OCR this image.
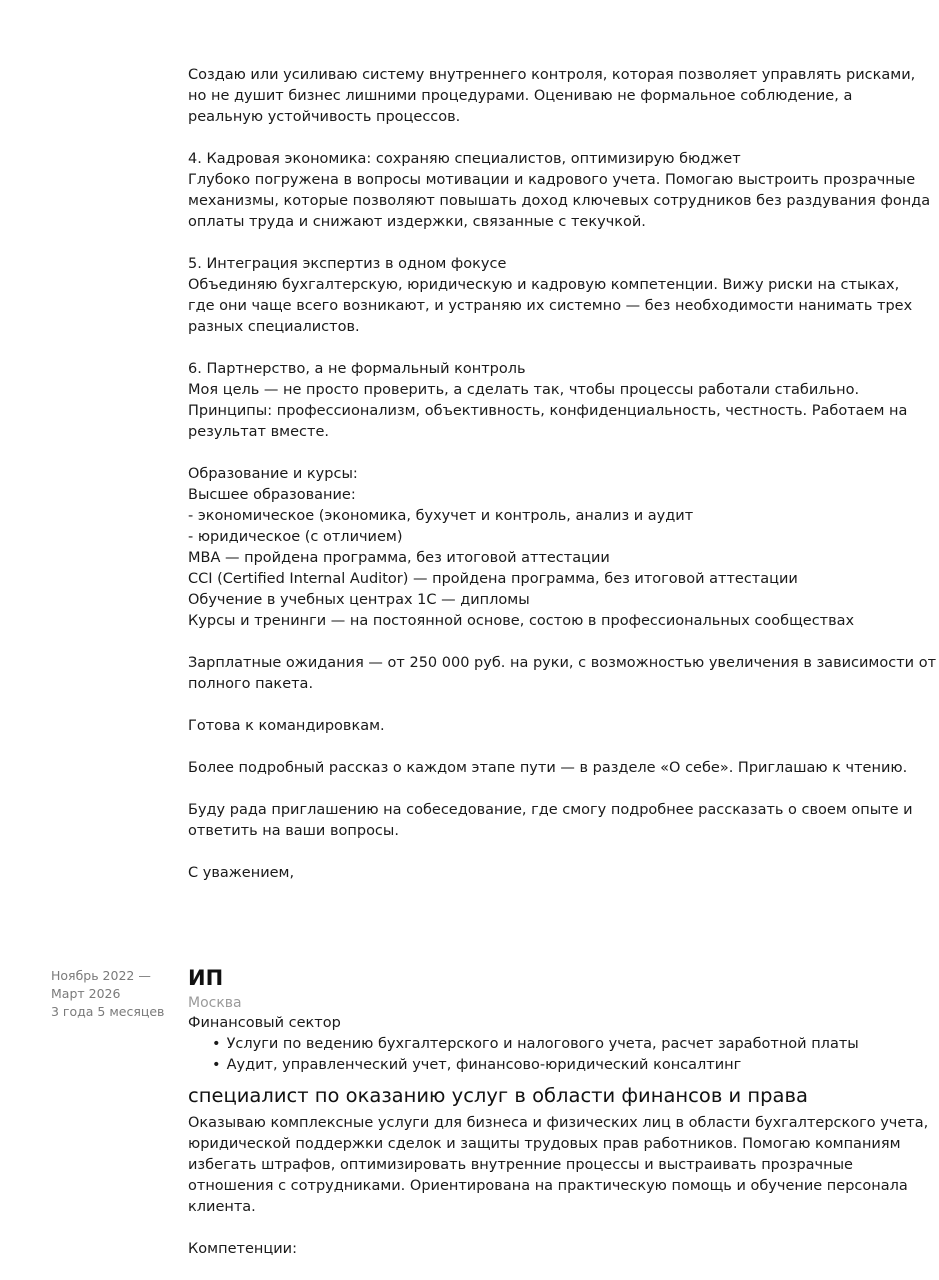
Создаю или усиливаю систему внутреннего контроля, которая позволяет управлять рисками,
но не душит бизнес лишними процедурами. Оцениваю не формальное соблюдение, а
реальную устойчивость процессов.
4. Кадровая экономика: сохраняю специалистов, оптимизирую бюджет
Глубоко погружена в вопросы мотивации и кадрового учета. Помогаю выстроить прозрачные
механизмы, которые позволяют повышать доход ключевых сотрудников без раздувания фонда
оплаты труда и снижают издержки, связанные с текучкой.
5. Интеграция экспертиз в одном фокусе
Объединяю бухгалтерскую, юридическую и кадровую компетенции. Вижу риски на стыках,
где они чаще всего возникают, и устраняю их системно — без необходимости нанимать трех
разных специалистов.
6. Партнерство, а не формальный контроль
Моя цель — не просто проверить, а сделать так, чтобы процессы работали стабильно.
Принципы: профессионализм, объективность, конфиденциальность, честность. Работаем на
результат вместе.
Образование и курсы:
Высшее образование:
- экономическое (экономика, бухучет и контроль, анализ и аудит
- юридическое (с отличием)
MBA — пройдена программа, без итоговой аттестации
CCI (Certified Internal Auditor) — пройдена программа, без итоговой аттестации
Обучение в учебных центрах 1С — дипломы
Курсы и тренинги — на постоянной основе, состою в профессиональных сообществах
Зарплатные ожидания — от 250 000 руб. на руки, с возможностью увеличения в зависимости от
полного пакета.
Готова к командировкам.
Более подробный рассказ о каждом этапе пути — в разделе «О себе». Приглашаю к чтению.
Буду рада приглашению на собеседование, где смогу подробнее рассказать о своем опыте и
ответить на ваши вопросы.
С уважением,
Ноябрь 2022 —
Март 2026
3 года 5 месяцев
ИП
Москва
Финансовый сектор
• Услуги по ведению бухгалтерского и налогового учета, расчет заработной платы
• Аудит, управленческий учет, финансово-юридический консалтинг
специалист по оказанию услуг в области финансов и права
Оказываю комплексные услуги для бизнеса и физических лиц в области бухгалтерского учета,
юридической поддержки сделок и защиты трудовых прав работников. Помогаю компаниям
избегать штрафов, оптимизировать внутренние процессы и выстраивать прозрачные
отношения с сотрудниками. Ориентирована на практическую помощь и обучение персонала
клиента.
Компетенции:
